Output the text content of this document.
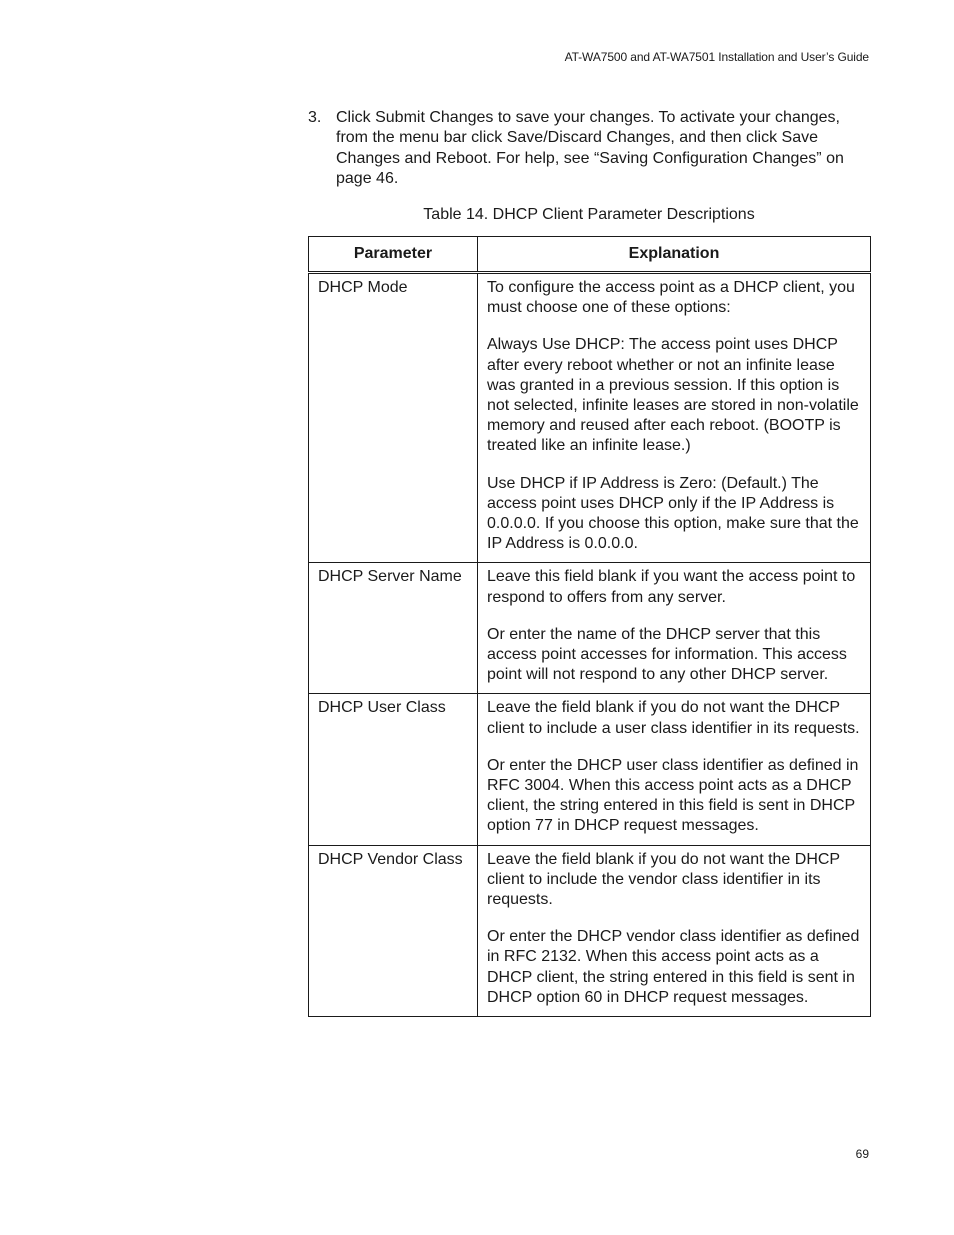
AT-WA7500 and AT-WA7501 Installation and User’s Guide
3. Click Submit Changes to save your changes. To activate your changes, from the menu bar click Save/Discard Changes, and then click Save Changes and Reboot. For help, see “Saving Configuration Changes” on page 46.
Table 14. DHCP Client Parameter Descriptions
Parameter	Explanation
DHCP Mode	To configure the access point as a DHCP client, you must choose one of these options:

Always Use DHCP: The access point uses DHCP after every reboot whether or not an infinite lease was granted in a previous session. If this option is not selected, infinite leases are stored in non-volatile memory and reused after each reboot. (BOOTP is treated like an infinite lease.)

Use DHCP if IP Address is Zero: (Default.) The access point uses DHCP only if the IP Address is 0.0.0.0. If you choose this option, make sure that the IP Address is 0.0.0.0.

DHCP Server Name	Leave this field blank if you want the access point to respond to offers from any server.

Or enter the name of the DHCP server that this access point accesses for information. This access point will not respond to any other DHCP server.

DHCP User Class	Leave the field blank if you do not want the DHCP client to include a user class identifier in its requests.

Or enter the DHCP user class identifier as defined in RFC 3004. When this access point acts as a DHCP client, the string entered in this field is sent in DHCP option 77 in DHCP request messages.

DHCP Vendor Class	Leave the field blank if you do not want the DHCP client to include the vendor class identifier in its requests.

Or enter the DHCP vendor class identifier as defined in RFC 2132. When this access point acts as a DHCP client, the string entered in this field is sent in DHCP option 60 in DHCP request messages.

69
